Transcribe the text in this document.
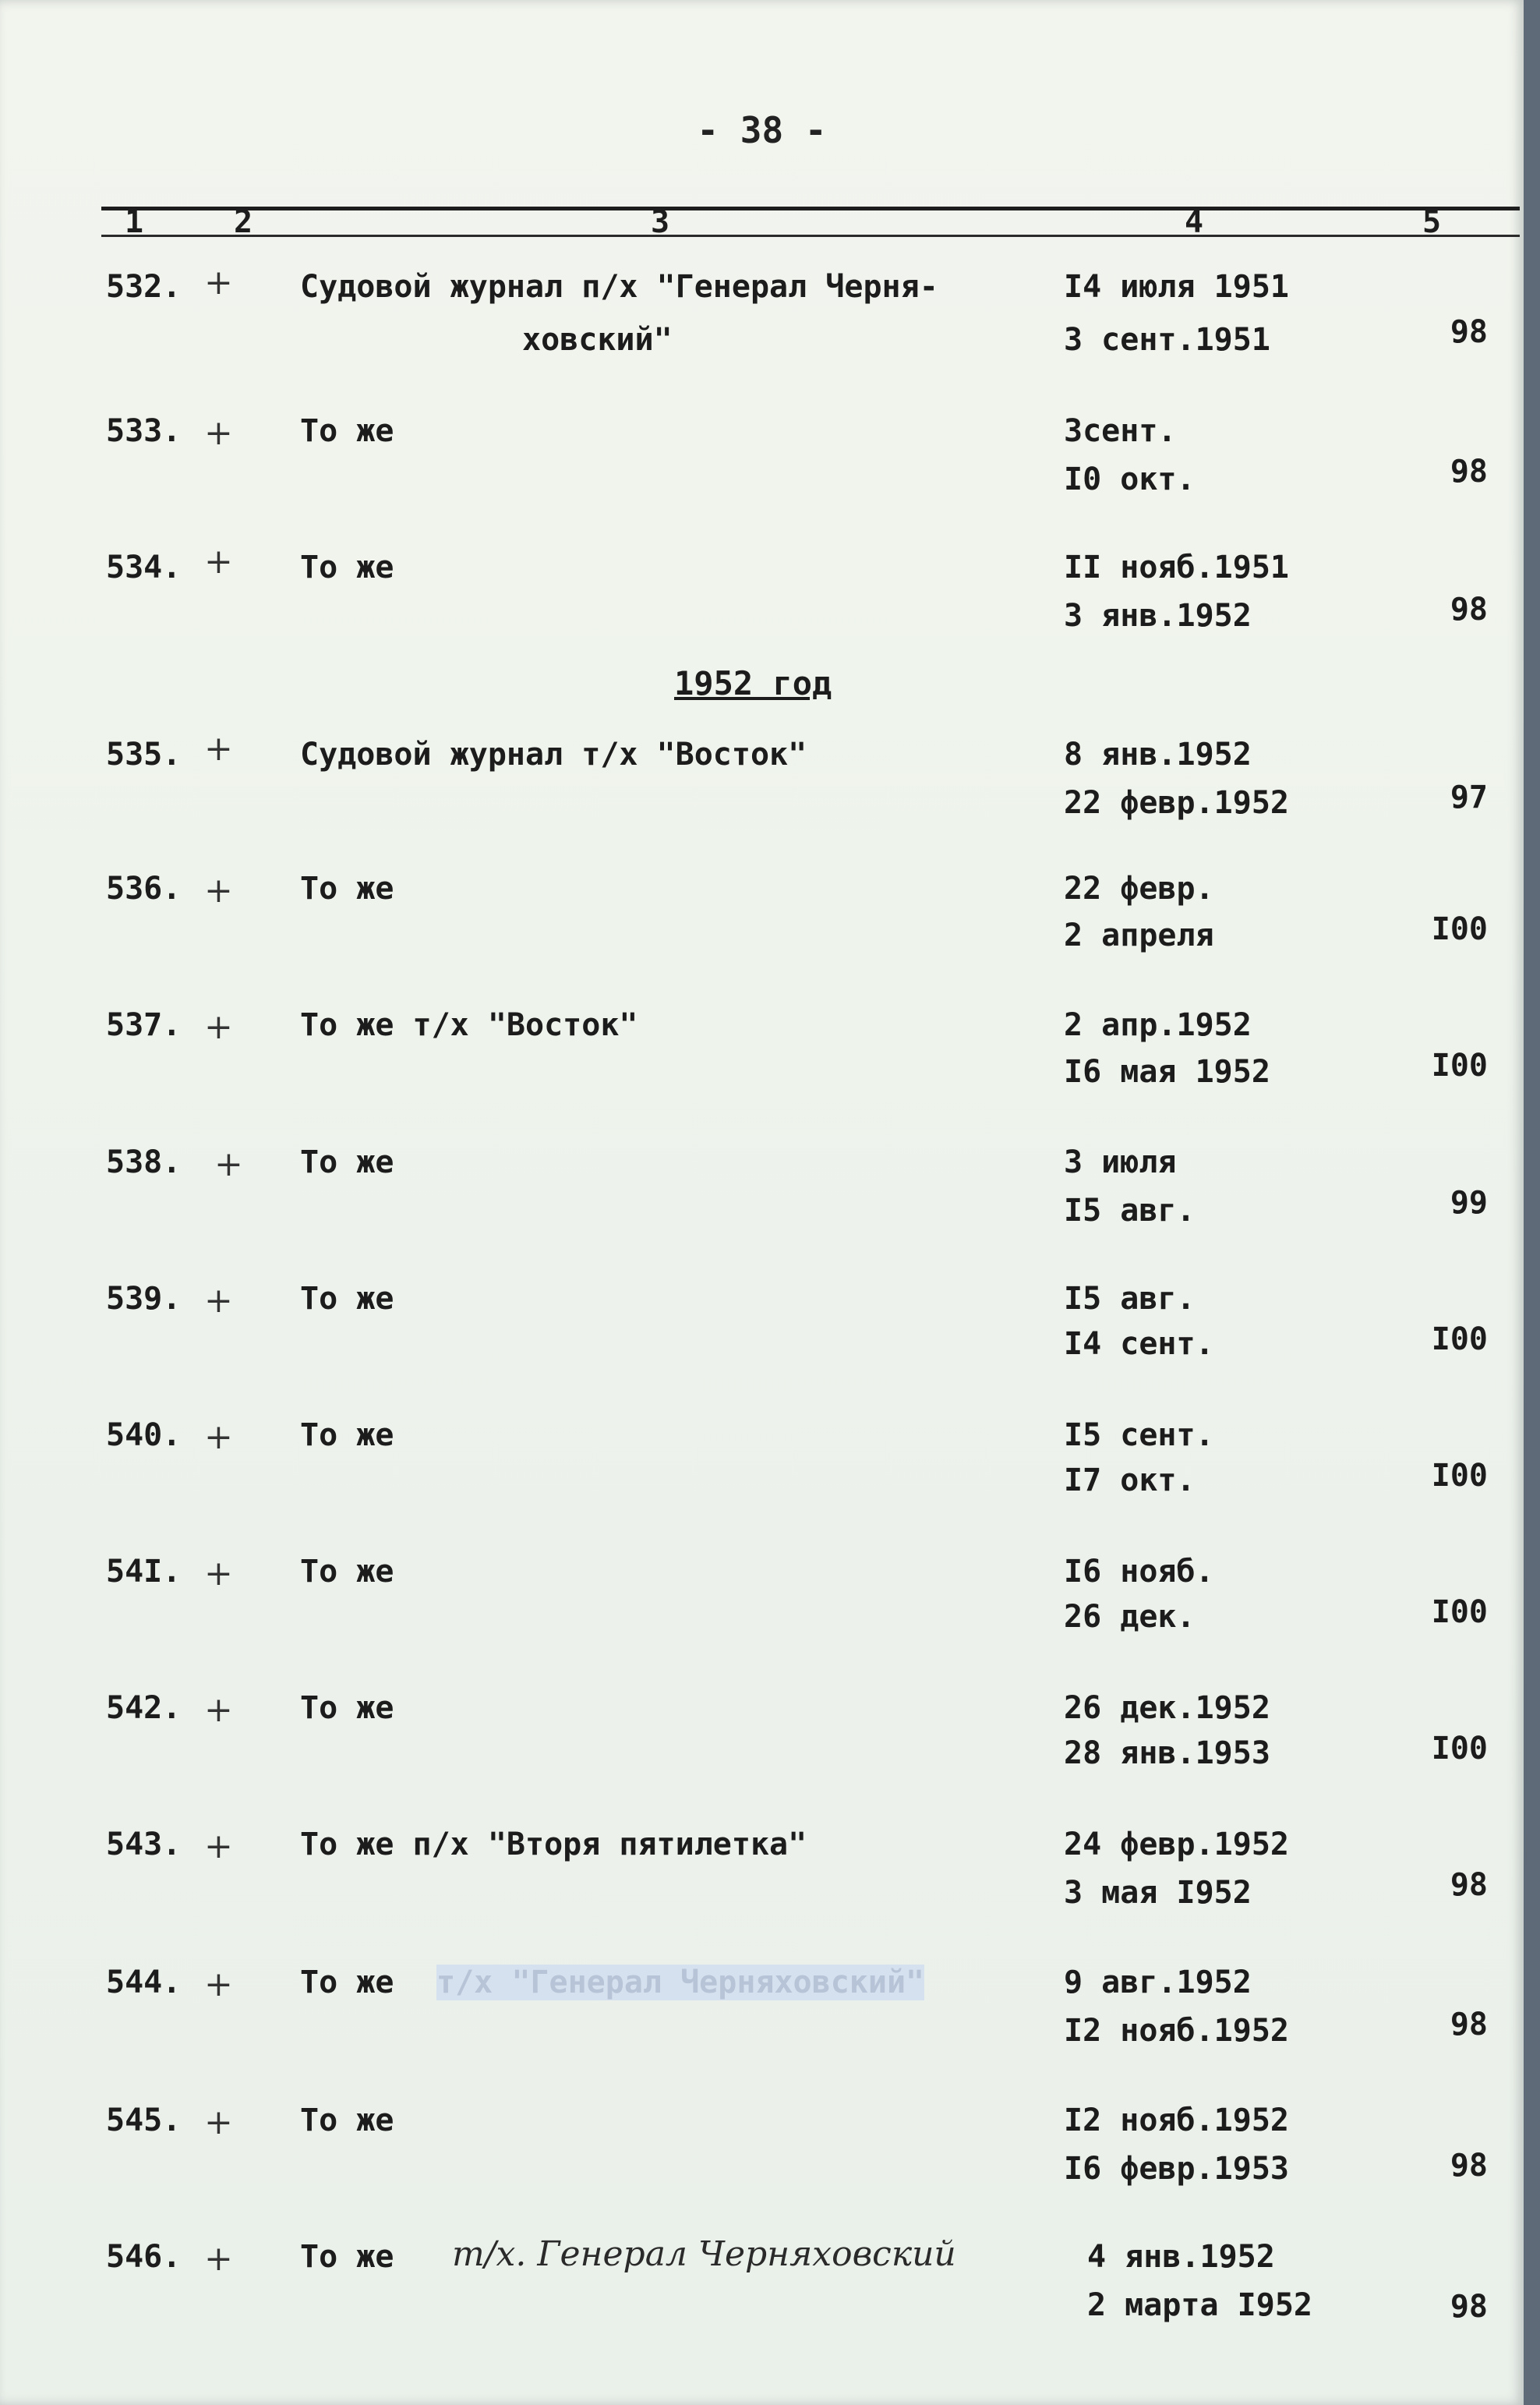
- 38 -
1	2	3	4	5
1952 год
532. + Судовой журнал п/х "Генерал Черня-
ховский"
I4 июля 1951
3 сент.1951	98
533. + То же	3сент.
I0 окт.	98
534. + То же	II нояб.1951
3 янв.1952	98
535. + Судовой журнал т/х "Восток"	8 янв.1952
22 февр.1952	97
536. + То же	22 февр.
2 апреля	I00
537. + То же т/х "Восток"	2 апр.1952
I6 мая 1952	I00
538. + То же	3 июля
I5 авг.	99
539. + То же	I5 авг.
I4 сент.	I00
540. + То же	I5 сент.
I7 окт.	I00
54I. + То же	I6 нояб.
26 дек.	I00
542. + То же	26 дек.1952
28 янв.1953	I00
543. + То же п/х "Вторя пятилетка"	24 февр.1952
3 мая I952	98
544. + То же т/х "Генерал Черняховский"	9 авг.1952
I2 нояб.1952	98
545. + То же	I2 нояб.1952
I6 февр.1953	98
546. + То же т/х. Генерал Черняховский	4 янв.1952
2 марта I952	98
